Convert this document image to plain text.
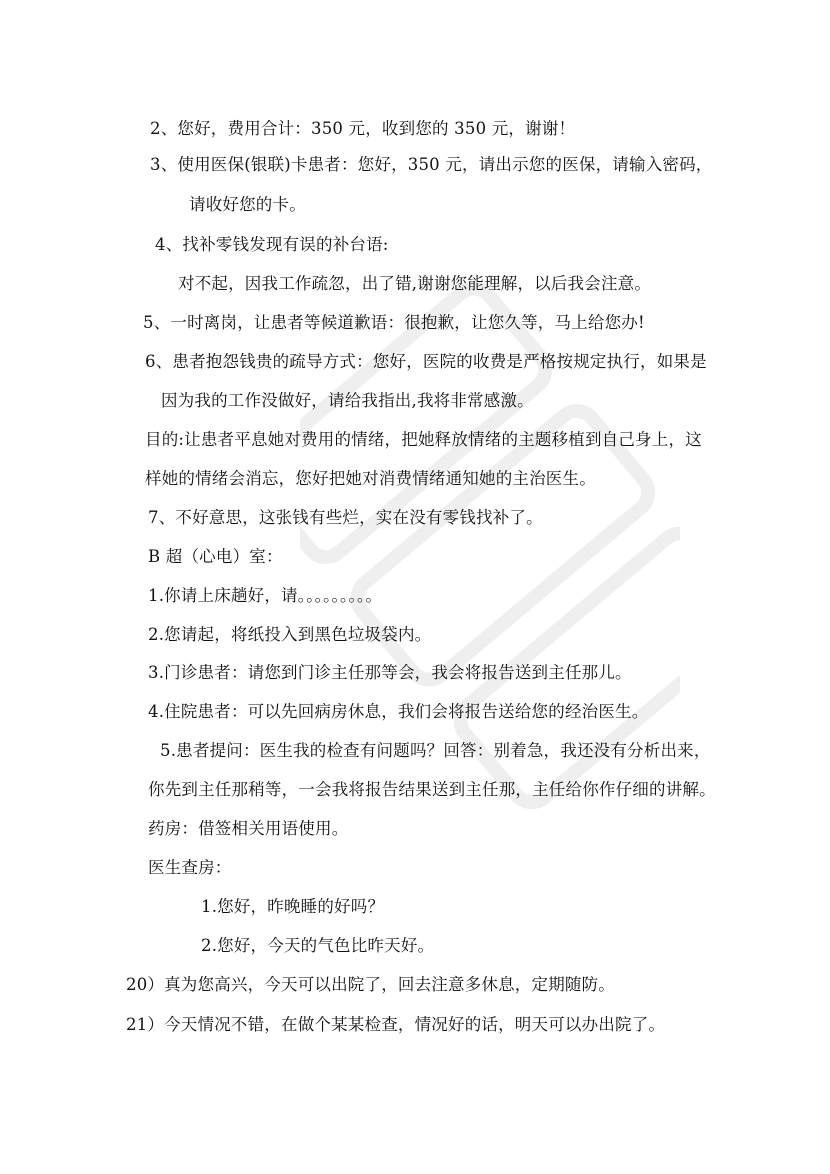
2、您好，费用合计：350 元，收到您的 350 元，谢谢！
3、使用医保(银联)卡患者：您好，350 元，请出示您的医保，请输入密码，
请收好您的卡。
4、找补零钱发现有误的补台语:
对不起，因我工作疏忽，出了错,谢谢您能理解，以后我会注意。
5、一时离岗，让患者等候道歉语：很抱歉，让您久等，马上给您办!
6、患者抱怨钱贵的疏导方式：您好，医院的收费是严格按规定执行，如果是
因为我的工作没做好，请给我指出,我将非常感激。
目的:让患者平息她对费用的情绪，把她释放情绪的主题移植到自己身上，这
样她的情绪会消忘，您好把她对消费情绪通知她的主治医生。
7、不好意思，这张钱有些烂，实在没有零钱找补了。
B 超（心电）室：
1.你请上床趟好，请。。。。。。。。。
2.您请起，将纸投入到黑色垃圾袋内。
3.门诊患者：请您到门诊主任那等会，我会将报告送到主任那儿。
4.住院患者：可以先回病房休息，我们会将报告送给您的经治医生。
5.患者提问：医生我的检查有问题吗？回答：别着急，我还没有分析出来，
你先到主任那稍等，一会我将报告结果送到主任那，主任给你作仔细的讲解。
药房：借签相关用语使用。
医生查房：
1.您好，昨晚睡的好吗？
2.您好，今天的气色比昨天好。
20）真为您高兴，今天可以出院了，回去注意多休息，定期随防。
21）今天情况不错，在做个某某检查，情况好的话，明天可以办出院了。
